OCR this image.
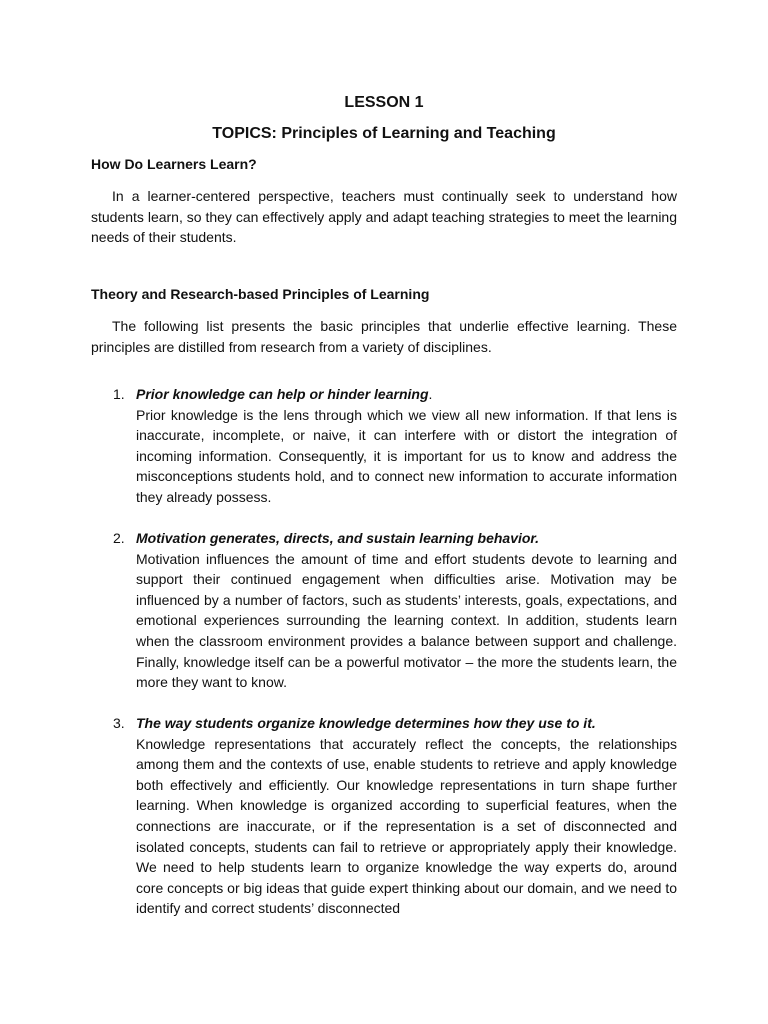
LESSON 1
TOPICS: Principles of Learning and Teaching
How Do Learners Learn?

In a learner-centered perspective, teachers must continually seek to understand how students learn, so they can effectively apply and adapt teaching strategies to meet the learning needs of their students.

Theory and Research-based Principles of Learning

The following list presents the basic principles that underlie effective learning. These principles are distilled from research from a variety of disciplines.

1. Prior knowledge can help or hinder learning.

Prior knowledge is the lens through which we view all new information. If that lens is inaccurate, incomplete, or naive, it can interfere with or distort the integration of incoming information. Consequently, it is important for us to know and address the misconceptions students hold, and to connect new information to accurate information they already possess.

2. Motivation generates, directs, and sustain learning behavior.

Motivation influences the amount of time and effort students devote to learning and support their continued engagement when difficulties arise. Motivation may be influenced by a number of factors, such as students’ interests, goals, expectations, and emotional experiences surrounding the learning context. In addition, students learn when the classroom environment provides a balance between support and challenge. Finally, knowledge itself can be a powerful motivator – the more the students learn, the more they want to know.

3. The way students organize knowledge determines how they use to it.

Knowledge representations that accurately reflect the concepts, the relationships among them and the contexts of use, enable students to retrieve and apply knowledge both effectively and efficiently. Our knowledge representations in turn shape further learning. When knowledge is organized according to superficial features, when the connections are inaccurate, or if the representation is a set of disconnected and isolated concepts, students can fail to retrieve or appropriately apply their knowledge. We need to help students learn to organize knowledge the way experts do, around core concepts or big ideas that guide expert thinking about our domain, and we need to identify and correct students’ disconnected
